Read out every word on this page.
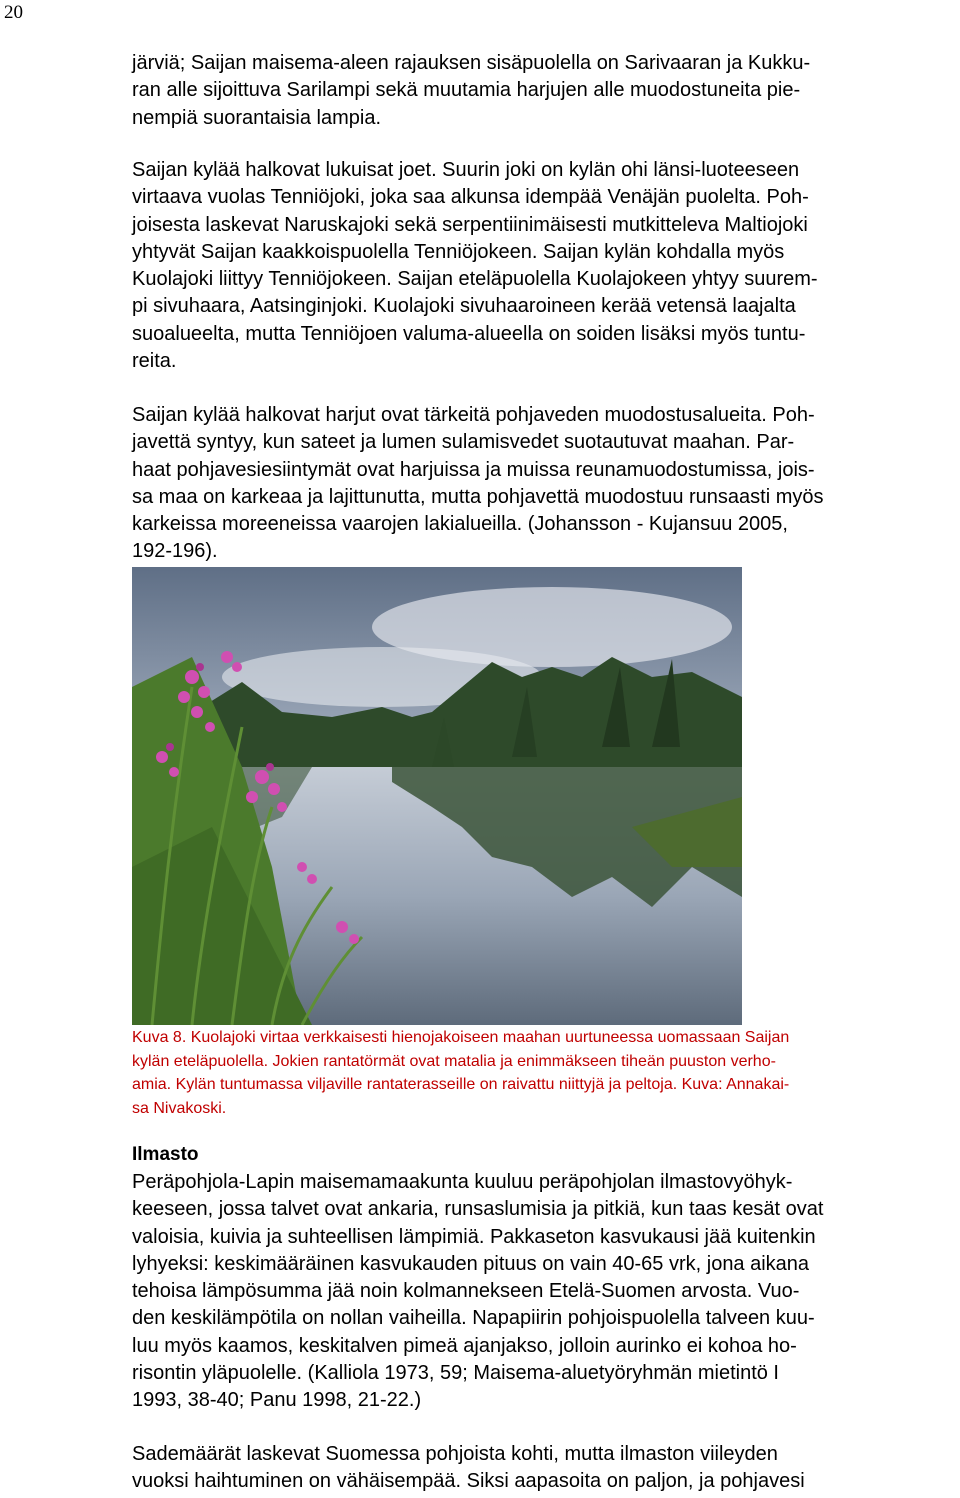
20

järviä; Saijan maisema-aleen rajauksen sisäpuolella on Sarivaaran ja Kukku-
ran alle sijoittuva Sarilampi sekä muutamia harjujen alle muodostuneita pie-
nempiä suorantaisia lampia.

Saijan kylää halkovat lukuisat joet. Suurin joki on kylän ohi länsi-luoteeseen
virtaava vuolas Tenniöjoki, joka saa alkunsa idempää Venäjän puolelta. Poh-
joisesta laskevat Naruskajoki sekä serpentiinimäisesti mutkitteleva Maltiojoki
yhtyvät Saijan kaakkoispuolella Tenniöjokeen. Saijan kylän kohdalla myös
Kuolajoki liittyy Tenniöjokeen. Saijan eteläpuolella Kuolajokeen yhtyy suurem-
pi sivuhaara, Aatsinginjoki. Kuolajoki sivuhaaroineen kerää vetensä laajalta
suoalueelta, mutta Tenniöjoen valuma-alueella on soiden lisäksi myös tuntu-
reita.

Saijan kylää halkovat harjut ovat tärkeitä pohjaveden muodostusalueita. Poh-
javettä syntyy, kun sateet ja lumen sulamisvedet suotautuvat maahan. Par-
haat pohjavesiesiintymät ovat harjuissa ja muissa reunamuodostumissa, jois-
sa maa on karkeaa ja lajittunutta, mutta pohjavettä muodostuu runsaasti myös
karkeissa moreeneissa vaarojen lakialueilla. (Johansson - Kujansuu 2005,
192-196).

Kuva 8. Kuolajoki virtaa verkkaisesti hienojakoiseen maahan uurtuneessa uomassaan Saijan
kylän eteläpuolella. Jokien rantatörmät ovat matalia ja enimmäkseen tiheän puuston verho-
amia. Kylän tuntumassa viljaville rantaterasseille on raivattu niittyjä ja peltoja. Kuva: Annakai-
sa Nivakoski.

Ilmasto

Peräpohjola-Lapin maisemamaakunta kuuluu peräpohjolan ilmastovyöhyk-
keeseen, jossa talvet ovat ankaria, runsaslumisia ja pitkiä, kun taas kesät ovat
valoisia, kuivia ja suhteellisen lämpimiä. Pakkaseton kasvukausi jää kuitenkin
lyhyeksi: keskimääräinen kasvukauden pituus on vain 40-65 vrk, jona aikana
tehoisa lämpösumma jää noin kolmannekseen Etelä-Suomen arvosta. Vuo-
den keskilämpötila on nollan vaiheilla. Napapiirin pohjoispuolella talveen kuu-
luu myös kaamos, keskitalven pimeä ajanjakso, jolloin aurinko ei kohoa ho-
risontin yläpuolelle. (Kalliola 1973, 59; Maisema-aluetyöryhmän mietintö I
1993, 38-40; Panu 1998, 21-22.)

Sademäärät laskevat Suomessa pohjoista kohti, mutta ilmaston viileyden
vuoksi haihtuminen on vähäisempää. Siksi aapasoita on paljon, ja pohjavesi
